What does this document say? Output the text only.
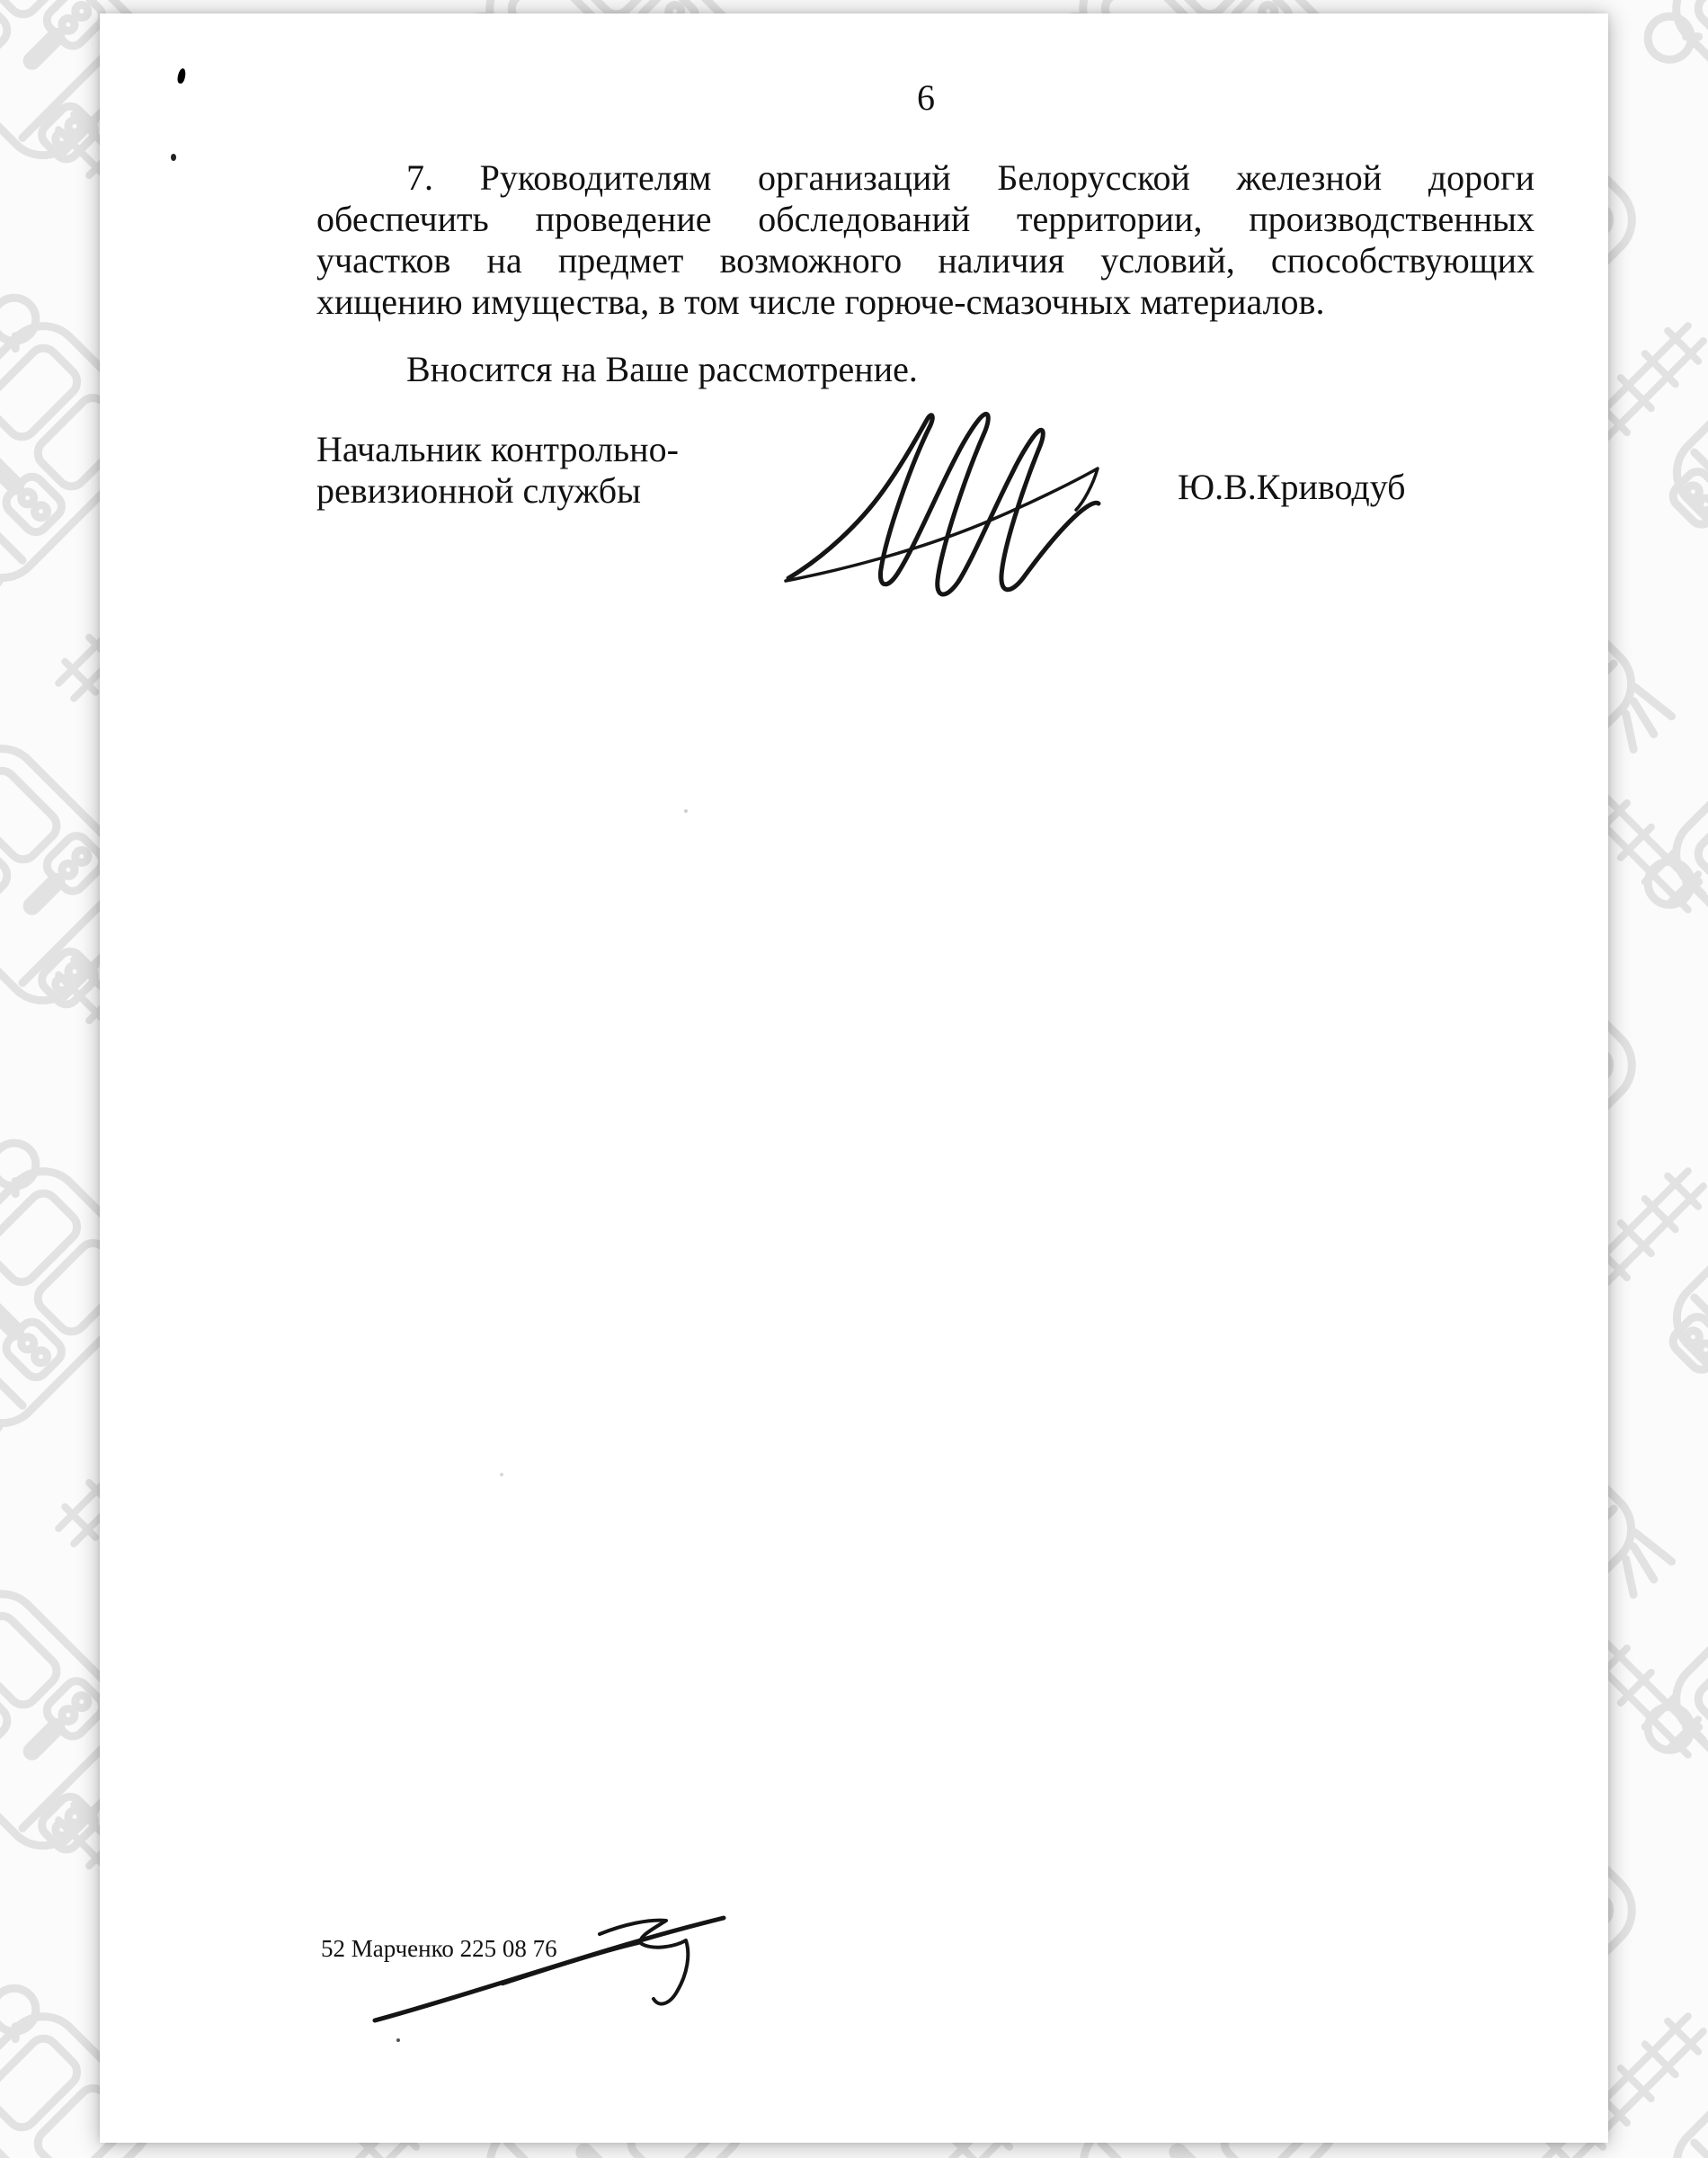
6
7. Руководителям организаций Белорусской железной дороги
обеспечить проведение обследований территории, производственных
участков на предмет возможного наличия условий, способствующих
хищению имущества, в том числе горюче-смазочных материалов.
Вносится на Ваше рассмотрение.
Начальник контрольно-
ревизионной службы	Ю.В.Криводуб
52 Марченко 225 08 76
